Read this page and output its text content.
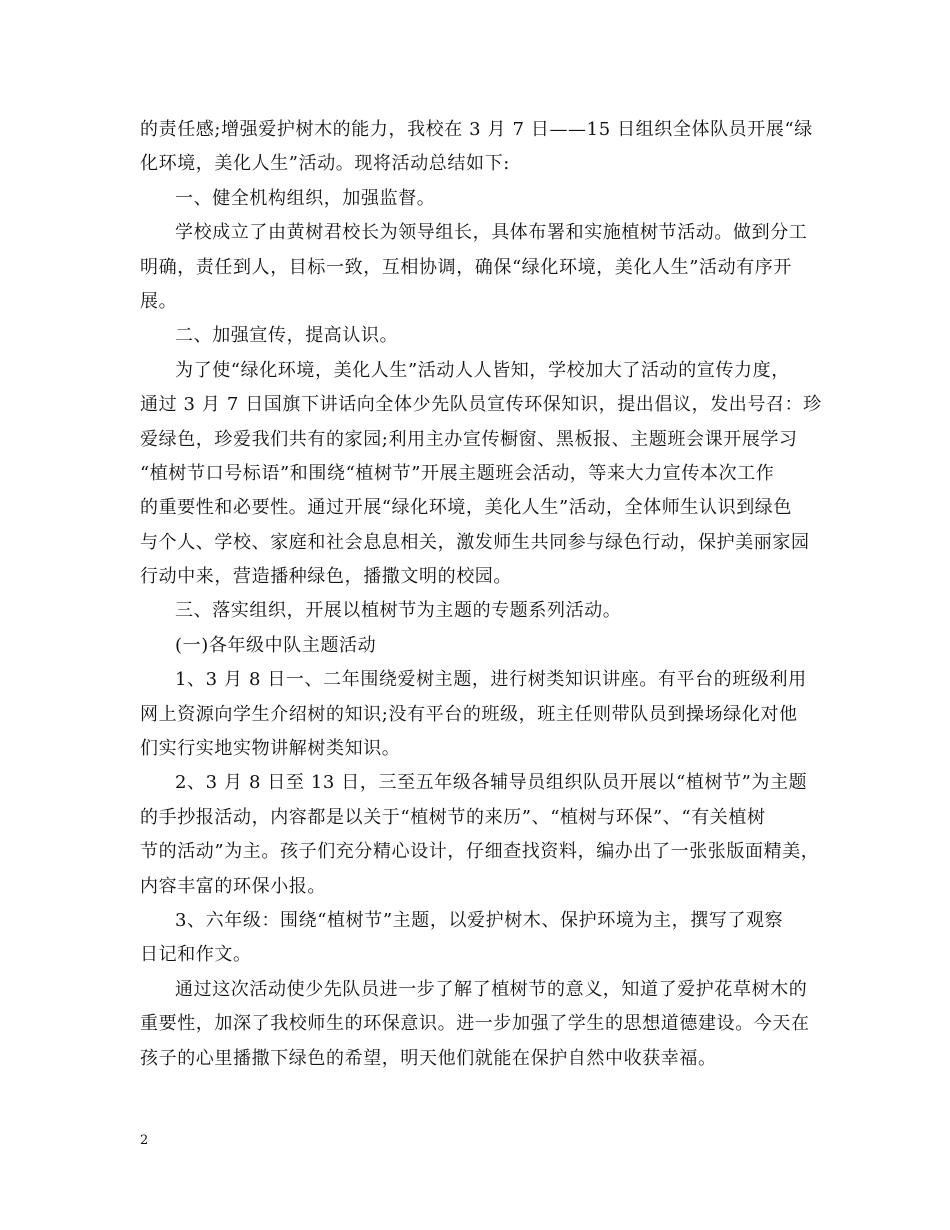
的责任感;增强爱护树木的能力，我校在 3 月 7 日——15 日组织全体队员开展“绿
化环境，美化人生”活动。现将活动总结如下:
一、健全机构组织，加强监督。
学校成立了由黄树君校长为领导组长，具体布署和实施植树节活动。做到分工
明确，责任到人，目标一致，互相协调，确保“绿化环境，美化人生”活动有序开
展。
二、加强宣传，提高认识。
为了使“绿化环境，美化人生”活动人人皆知，学校加大了活动的宣传力度，
通过 3 月 7 日国旗下讲话向全体少先队员宣传环保知识，提出倡议，发出号召：珍
爱绿色，珍爱我们共有的家园;利用主办宣传橱窗、黑板报、主题班会课开展学习
“植树节口号标语”和围绕“植树节”开展主题班会活动，等来大力宣传本次工作
的重要性和必要性。通过开展“绿化环境，美化人生”活动，全体师生认识到绿色
与个人、学校、家庭和社会息息相关，激发师生共同参与绿色行动，保护美丽家园
行动中来，营造播种绿色，播撒文明的校园。
三、落实组织，开展以植树节为主题的专题系列活动。
(一)各年级中队主题活动
1、3 月 8 日一、二年围绕爱树主题，进行树类知识讲座。有平台的班级利用
网上资源向学生介绍树的知识;没有平台的班级，班主任则带队员到操场绿化对他
们实行实地实物讲解树类知识。
2、3 月 8 日至 13 日，三至五年级各辅导员组织队员开展以“植树节”为主题
的手抄报活动，内容都是以关于“植树节的来历”、“植树与环保”、“有关植树
节的活动”为主。孩子们充分精心设计，仔细查找资料，编办出了一张张版面精美，
内容丰富的环保小报。
3、六年级：围绕“植树节”主题，以爱护树木、保护环境为主，撰写了观察
日记和作文。
通过这次活动使少先队员进一步了解了植树节的意义，知道了爱护花草树木的
重要性，加深了我校师生的环保意识。进一步加强了学生的思想道德建设。今天在
孩子的心里播撒下绿色的希望，明天他们就能在保护自然中收获幸福。
2
